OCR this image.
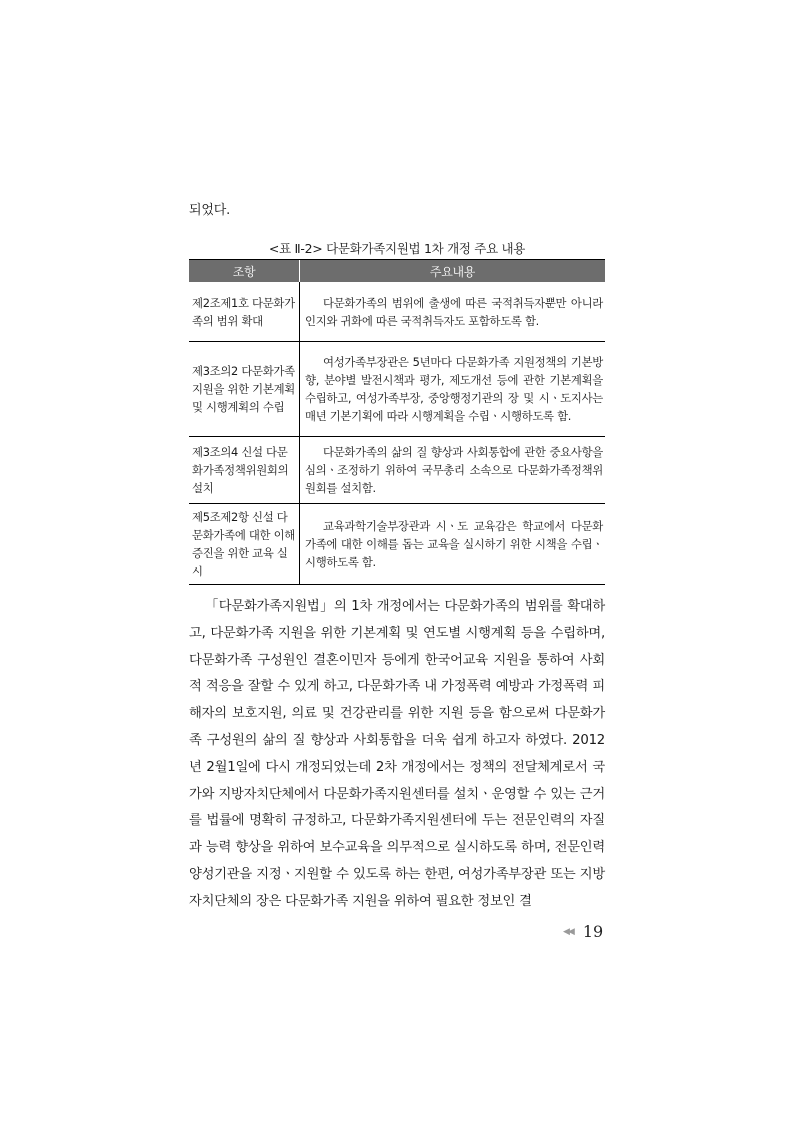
되었다.
<표 Ⅱ-2> 다문화가족지원법 1차 개정 주요 내용
조항	주요내용
제2조제1호 다문화가족의 범위 확대	다문화가족의 범위에 출생에 따른 국적취득자뿐만 아니라 인지와 귀화에 따른 국적취득자도 포함하도록 함.

제3조의2 다문화가족 지원을 위한 기본계획 및 시행계획의 수립	여성가족부장관은 5년마다 다문화가족 지원정책의 기본방향, 분야별 발전시책과 평가, 제도개선 등에 관한 기본계획을 수립하고, 여성가족부장, 중앙행정기관의 장 및 시ㆍ도지사는 매년 기본기획에 따라 시행계획을 수립ㆍ시행하도록 함.

제3조의4 신설 다문화가족정책위원회의 설치	다문화가족의 삶의 질 향상과 사회통합에 관한 중요사항을 심의ㆍ조정하기 위하여 국무총리 소속으로 다문화가족정책위원회를 설치함.

제5조제2항 신설 다문화가족에 대한 이해 증진을 위한 교육 실시	교육과학기술부장관과 시ㆍ도 교육감은 학교에서 다문화가족에 대한 이해를 돕는 교육을 실시하기 위한 시책을 수립ㆍ시행하도록 함.

「다문화가족지원법」의 1차 개정에서는 다문화가족의 범위를 확대하고, 다문화가족 지원을 위한 기본계획 및 연도별 시행계획 등을 수립하며, 다문화가족 구성원인 결혼이민자 등에게 한국어교육 지원을 통하여 사회적 적응을 잘할 수 있게 하고, 다문화가족 내 가정폭력 예방과 가정폭력 피해자의 보호지원, 의료 및 건강관리를 위한 지원 등을 함으로써 다문화가족 구성원의 삶의 질 향상과 사회통합을 더욱 쉽게 하고자 하였다. 2012년 2월1일에 다시 개정되었는데 2차 개정에서는 정책의 전달체계로서 국가와 지방자치단체에서 다문화가족지원센터를 설치ㆍ운영할 수 있는 근거를 법률에 명확히 규정하고, 다문화가족지원센터에 두는 전문인력의 자질과 능력 향상을 위하여 보수교육을 의무적으로 실시하도록 하며, 전문인력 양성기관을 지정ㆍ지원할 수 있도록 하는 한편, 여성가족부장관 또는 지방자치단체의 장은 다문화가족 지원을 위하여 필요한 정보인 결

◀◀ 19
